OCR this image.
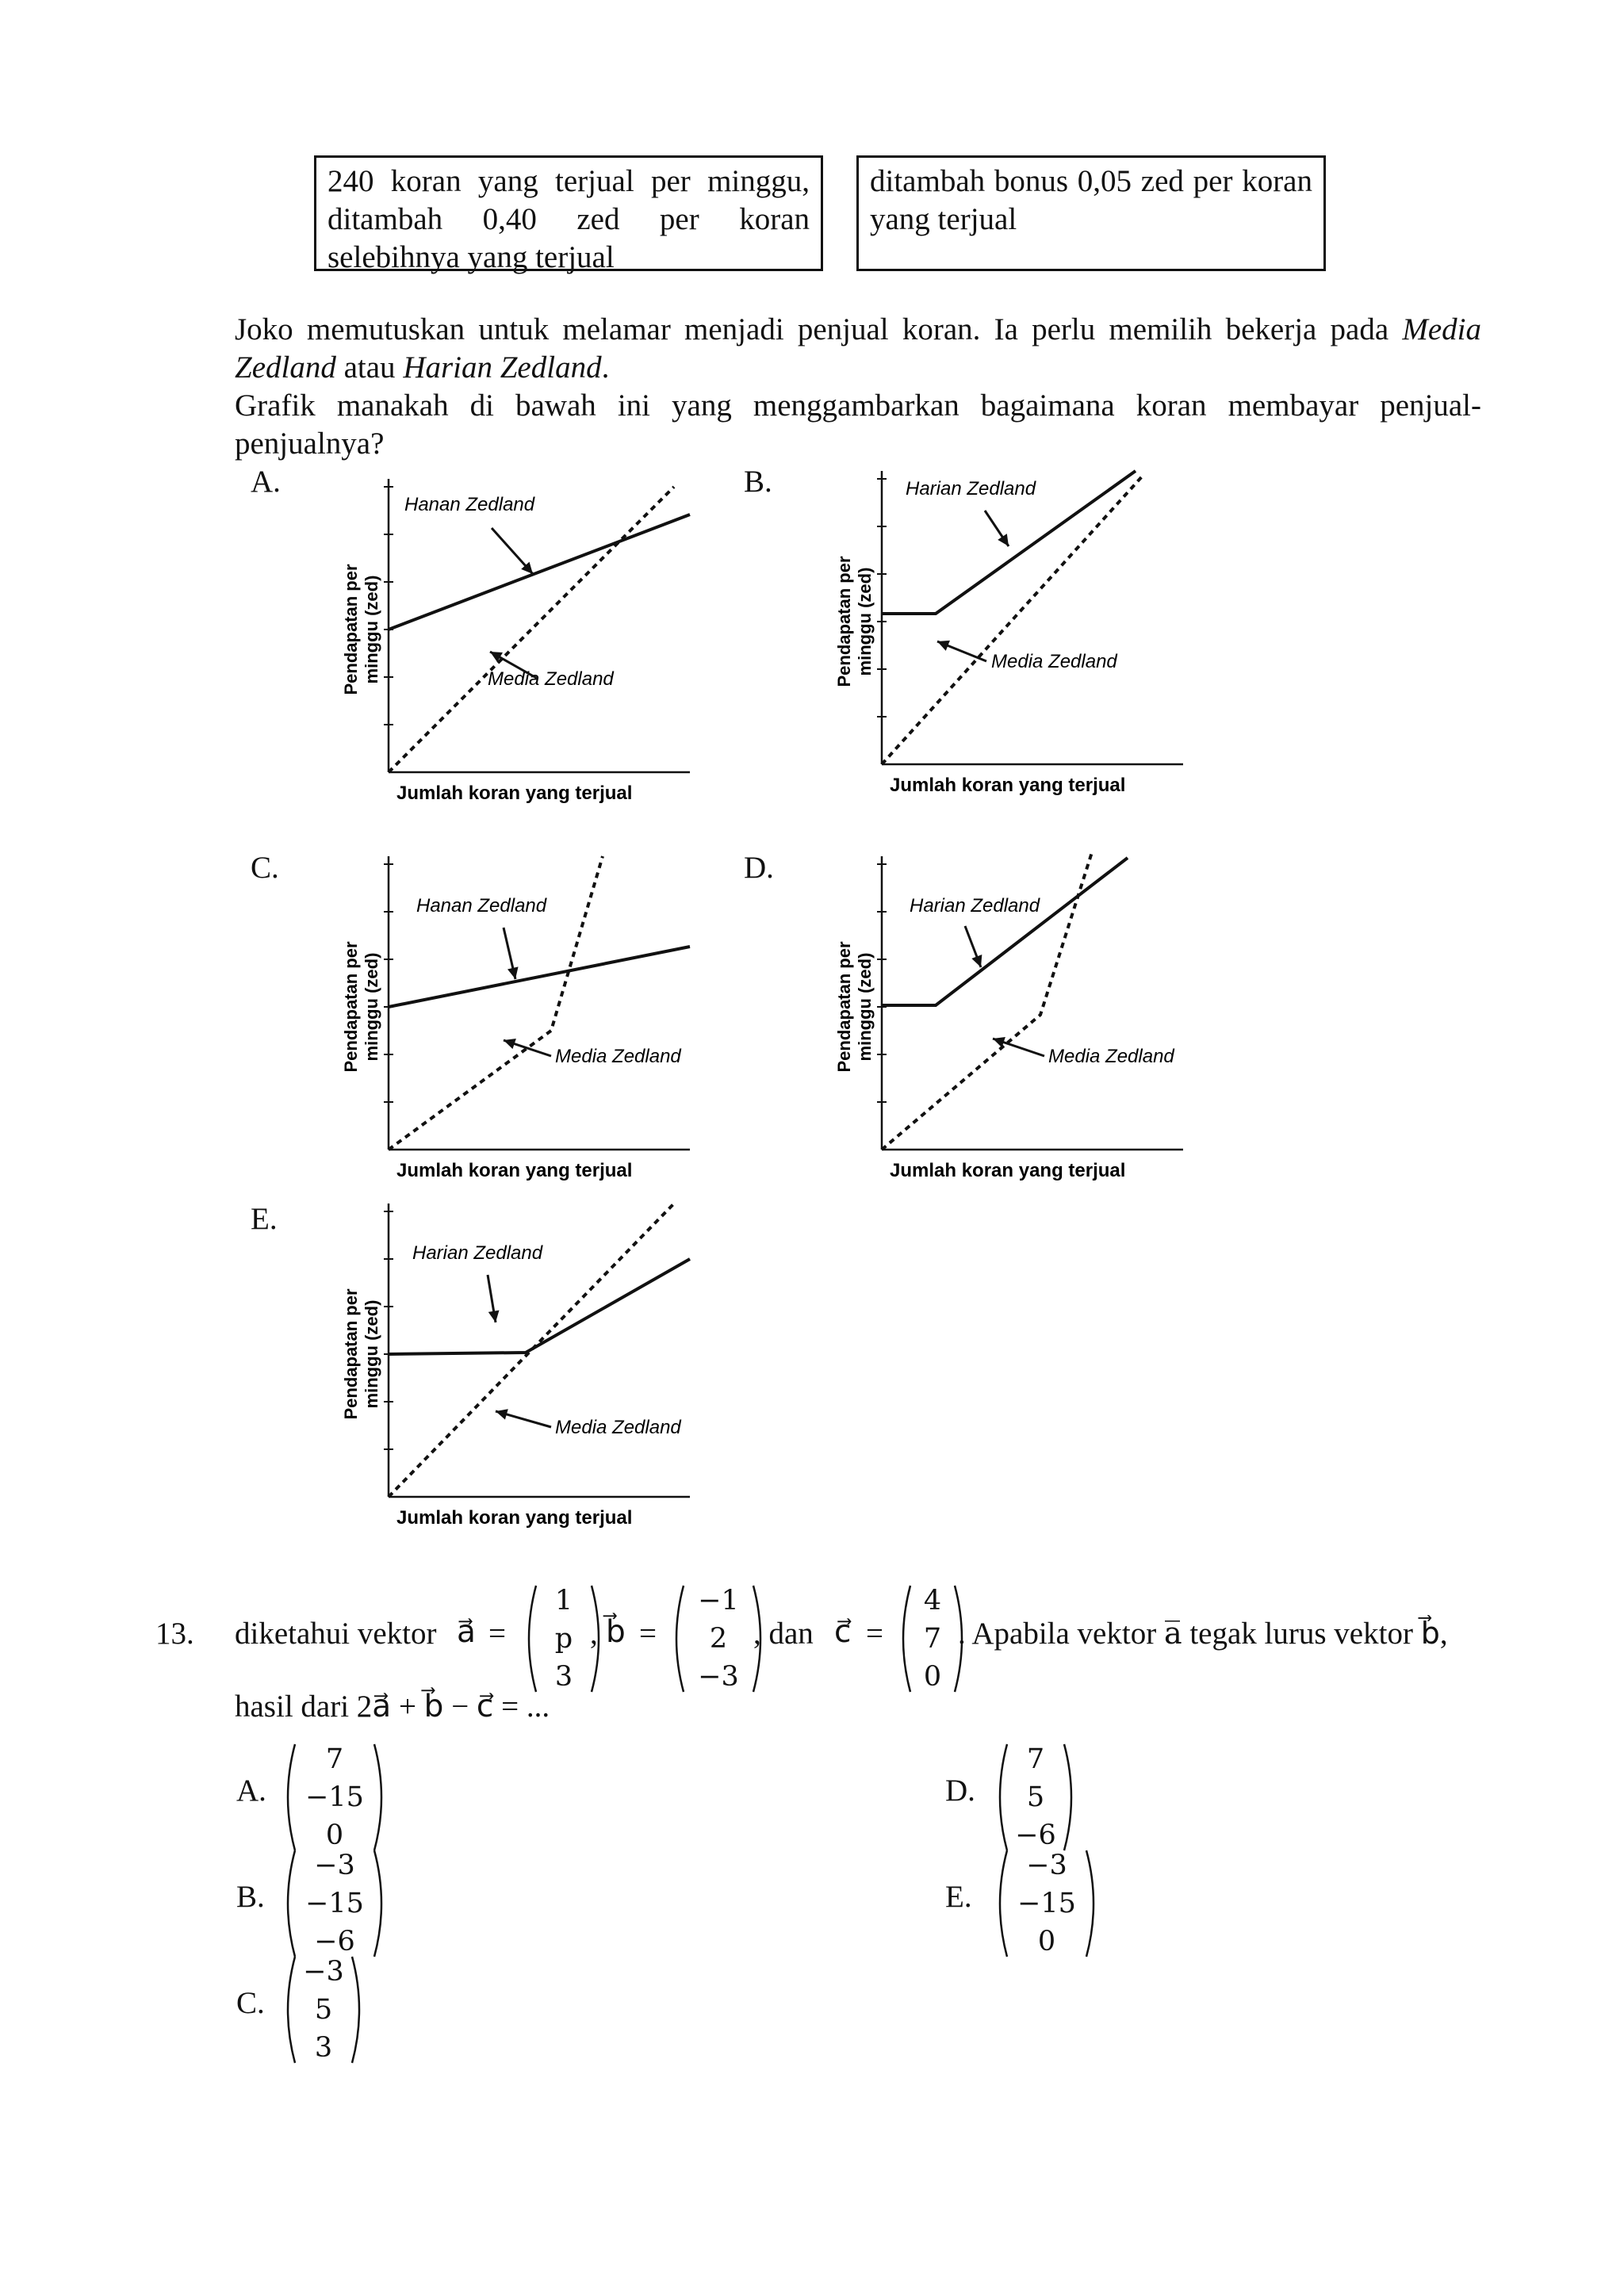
240 koran yang terjual per minggu, ditambah 0,40 zed per koran selebihnya yang terjual
ditambah bonus 0,05 zed per koran yang terjual
Joko memutuskan untuk melamar menjadi penjual koran. Ia perlu memilih bekerja pada Media Zedland atau Harian Zedland.
Grafik manakah di bawah ini yang menggambarkan bagaimana koran membayar penjual-penjualnya?
A.	B.
C.	D.
E.
Pendapatan per minggu (zed)
Jumlah koran yang terjual
Hanan Zedland
Media Zedland	Pendapatan per minggu (zed)
Jumlah koran yang terjual
Harian Zedland
Media Zedland
Pendapatan per minggu (zed)
Jumlah koran yang terjual
Hanan Zedland
Media Zedland	Pendapatan per minggu (zed)
Jumlah koran yang terjual
Harian Zedland
Media Zedland
Pendapatan per minggu (zed)
Jumlah koran yang terjual
Harian Zedland
Media Zedland
13. diketahui vektor a⃗ =
1
p
3
, b⃗ =
−1
2
−3
, dan c⃗ =
4
7
0
. Apabila vektor a̅ tegak lurus vektor b⃗,
hasil dari 2a⃗ + b⃗ − c⃗ = ...
A.
7
−15
0
B.
−3
−15
−6
C.
−3
5
3
D.
7
5
−6
E.
−3
−15
0
